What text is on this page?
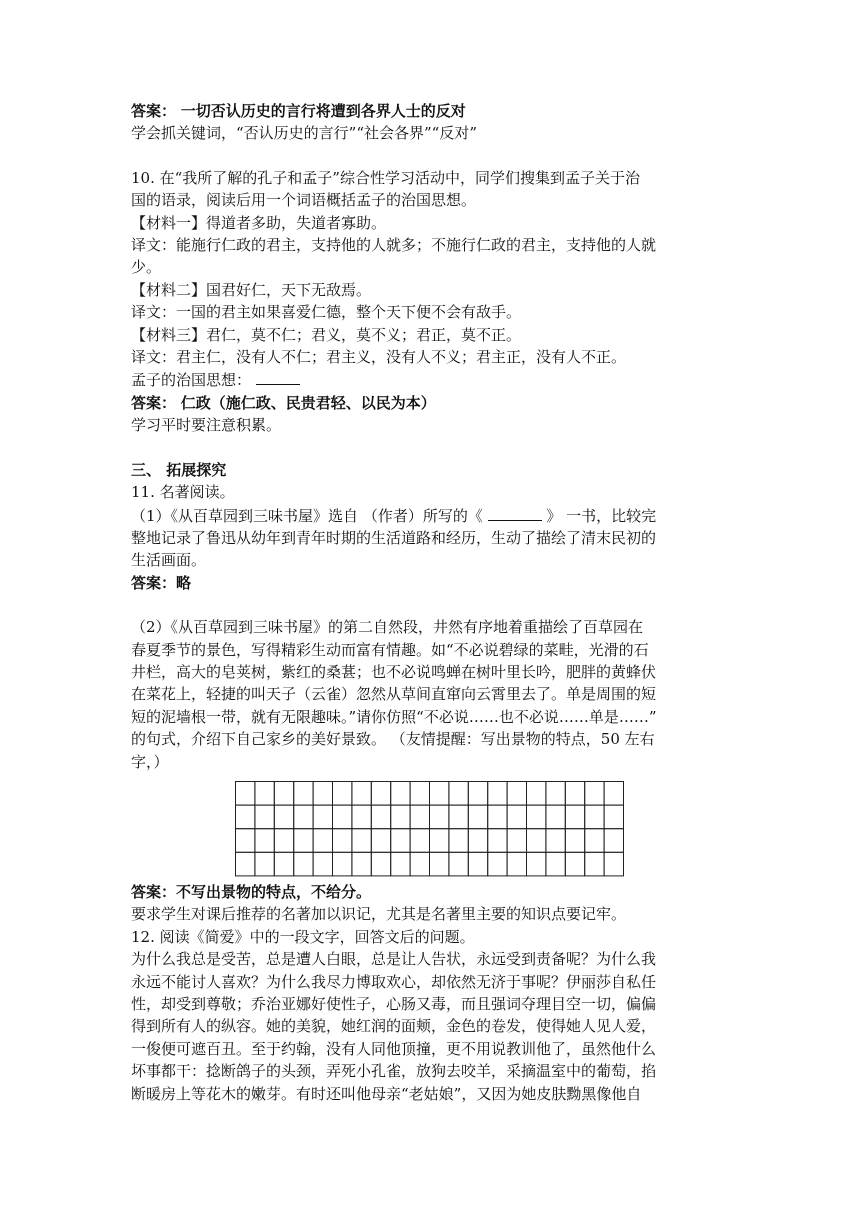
答案： 一切否认历史的言行将遭到各界人士的反对
学会抓关键词，“否认历史的言行”“社会各界”“反对”
10. 在“我所了解的孔子和孟子”综合性学习活动中，同学们搜集到孟子关于治
国的语录，阅读后用一个词语概括孟子的治国思想。
【材料一】得道者多助，失道者寡助。
译文：能施行仁政的君主，支持他的人就多；不施行仁政的君主，支持他的人就
少。
【材料二】国君好仁，天下无敌焉。
译文：一国的君主如果喜爱仁德，整个天下便不会有敌手。
【材料三】君仁，莫不仁；君义，莫不义；君正，莫不正。
译文：君主仁，没有人不仁；君主义，没有人不义；君主正，没有人不正。
孟子的治国思想：
答案： 仁政（施仁政、民贵君轻、以民为本）
学习平时要注意积累。
三、 拓展探究
11. 名著阅读。
（1）《从百草园到三味书屋》选自 （作者）所写的《	》 一书，比较完
整地记录了鲁迅从幼年到青年时期的生活道路和经历，生动了描绘了清末民初的
生活画面。
答案：略
（2）《从百草园到三味书屋》的第二自然段，井然有序地着重描绘了百草园在
春夏季节的景色，写得精彩生动而富有情趣。如“不必说碧绿的菜畦，光滑的石
井栏，高大的皂荚树，紫红的桑葚；也不必说鸣蝉在树叶里长吟，肥胖的黄蜂伏
在菜花上，轻捷的叫天子（云雀）忽然从草间直窜向云霄里去了。单是周围的短
短的泥墙根一带，就有无限趣味。”请你仿照“不必说……也不必说……单是……”
的句式，介绍下自己家乡的美好景致。 （友情提醒：写出景物的特点，50 左右
字，）
答案：不写出景物的特点，不给分。
要求学生对课后推荐的名著加以识记，尤其是名著里主要的知识点要记牢。
12. 阅读《简爱》中的一段文字，回答文后的问题。
为什么我总是受苦，总是遭人白眼，总是让人告状，永远受到责备呢？为什么我
永远不能讨人喜欢？为什么我尽力博取欢心，却依然无济于事呢？伊丽莎自私任
性，却受到尊敬；乔治亚娜好使性子，心肠又毒，而且强词夺理目空一切，偏偏
得到所有人的纵容。她的美貌，她红润的面颊，金色的卷发，使得她人见人爱，
一俊便可遮百丑。至于约翰，没有人同他顶撞，更不用说教训他了，虽然他什么
坏事都干：捻断鸽子的头颈，弄死小孔雀，放狗去咬羊，采摘温室中的葡萄，掐
断暖房上等花木的嫩芽。有时还叫他母亲“老姑娘”，又因为她皮肤黝黑像他自
